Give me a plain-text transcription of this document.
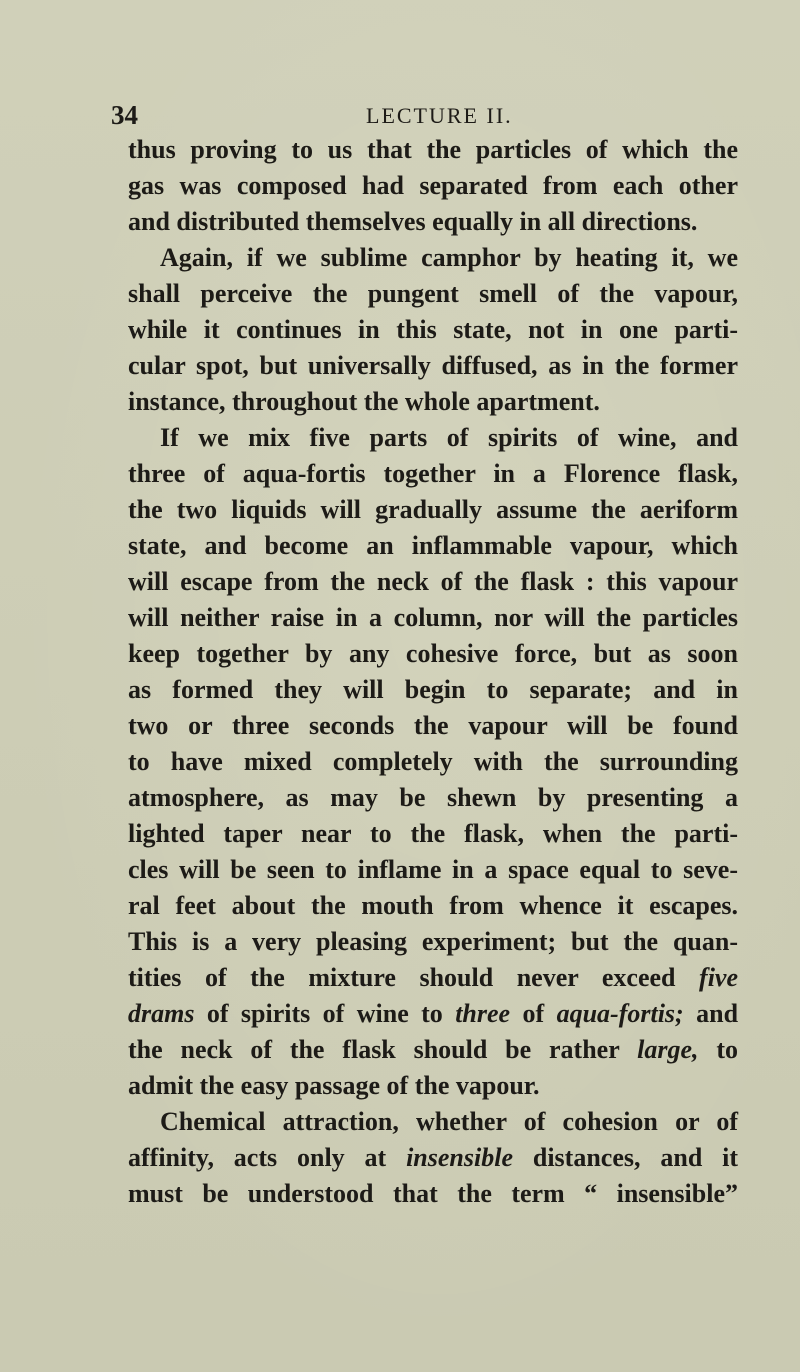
34	LECTURE II.
thus proving to us that the particles of which the
gas was composed had separated from each other
and distributed themselves equally in all directions.
Again, if we sublime camphor by heating it, we
shall perceive the pungent smell of the vapour,
while it continues in this state, not in one parti-
cular spot, but universally diffused, as in the former
instance, throughout the whole apartment.
If we mix five parts of spirits of wine, and
three of aqua-fortis together in a Florence flask,
the two liquids will gradually assume the aeriform
state, and become an inflammable vapour, which
will escape from the neck of the flask : this vapour
will neither raise in a column, nor will the particles
keep together by any cohesive force, but as soon
as formed they will begin to separate; and in
two or three seconds the vapour will be found
to have mixed completely with the surrounding
atmosphere, as may be shewn by presenting a
lighted taper near to the flask, when the parti-
cles will be seen to inflame in a space equal to seve-
ral feet about the mouth from whence it escapes.
This is a very pleasing experiment; but the quan-
tities of the mixture should never exceed five
drams of spirits of wine to three of aqua-fortis; and
the neck of the flask should be rather large, to
admit the easy passage of the vapour.
Chemical attraction, whether of cohesion or of
affinity, acts only at insensible distances, and it
must be understood that the term “ insensible”
